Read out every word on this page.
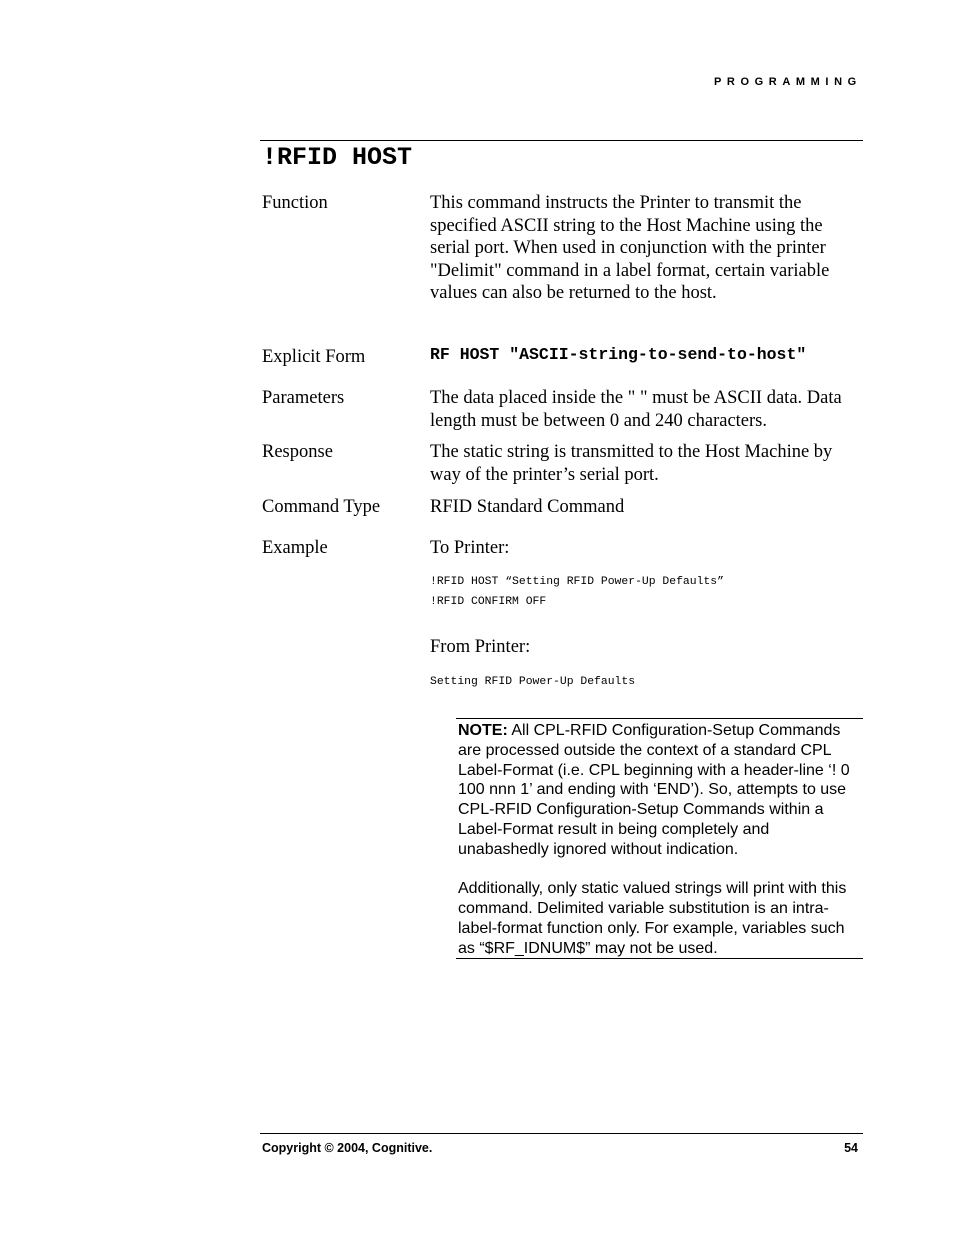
PROGRAMMING
!RFID HOST
Function	This command instructs the Printer to transmit the specified ASCII string to the Host Machine using the serial port. When used in conjunction with the printer "Delimit" command in a label format, certain variable values can also be returned to the host.
Explicit Form	RF HOST "ASCII-string-to-send-to-host"
Parameters	The data placed inside the " " must be ASCII data. Data length must be between 0 and 240 characters.
Response	The static string is transmitted to the Host Machine by way of the printer’s serial port.
Command Type	RFID Standard Command
Example	To Printer:
!RFID HOST “Setting RFID Power-Up Defaults”
!RFID CONFIRM OFF
From Printer:
Setting RFID Power-Up Defaults

NOTE: All CPL-RFID Configuration-Setup Commands are processed outside the context of a standard CPL Label-Format (i.e. CPL beginning with a header-line ‘! 0 100 nnn 1’ and ending with ‘END’). So, attempts to use CPL-RFID Configuration-Setup Commands within a Label-Format result in being completely and unabashedly ignored without indication.

Additionally, only static valued strings will print with this command. Delimited variable substitution is an intra-label-format function only. For example, variables such as “$RF_IDNUM$” may not be used.

Copyright © 2004, Cognitive.	54
